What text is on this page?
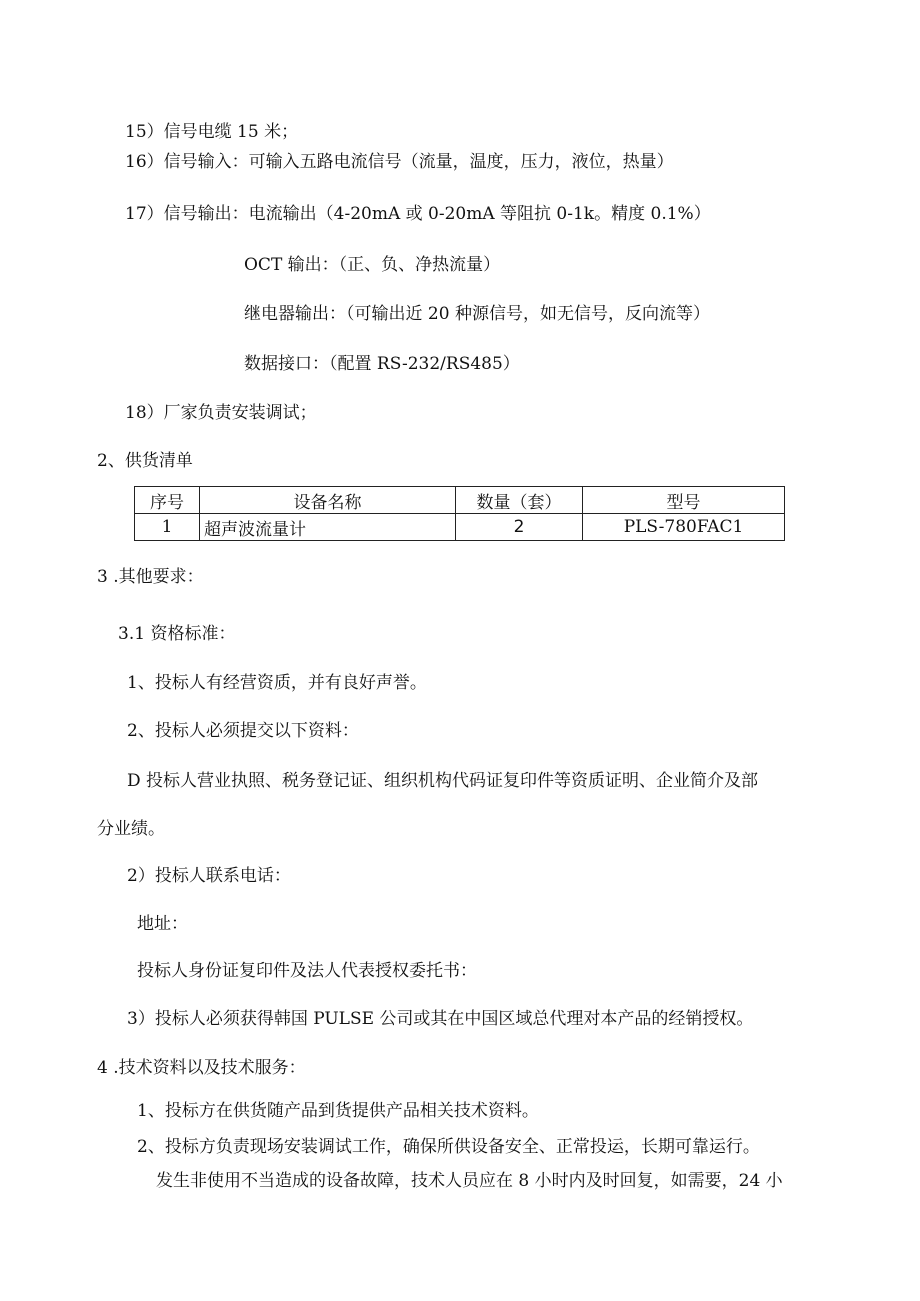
15）信号电缆 15 米；
16）信号输入：可输入五路电流信号（流量，温度，压力，液位，热量）
17）信号输出：电流输出（4-20mA 或 0-20mA 等阻抗 0-1k。精度 0.1%）
OCT 输出：（正、负、净热流量）
继电器输出：（可输出近 20 种源信号，如无信号，反向流等）
数据接口：（配置 RS-232/RS485）
18）厂家负责安装调试；
2、供货清单
序号	设备名称	数量（套）	型号
1	超声波流量计	2	PLS-780FAC1
3 .其他要求：
3.1 资格标准：
1、投标人有经营资质，并有良好声誉。
2、投标人必须提交以下资料：
D 投标人营业执照、税务登记证、组织机构代码证复印件等资质证明、企业简介及部
分业绩。
2）投标人联系电话：
地址：
投标人身份证复印件及法人代表授权委托书：
3）投标人必须获得韩国 PULSE 公司或其在中国区域总代理对本产品的经销授权。
4 .技术资料以及技术服务：
1、投标方在供货随产品到货提供产品相关技术资料。
2、投标方负责现场安装调试工作，确保所供设备安全、正常投运，长期可靠运行。
发生非使用不当造成的设备故障，技术人员应在 8 小时内及时回复，如需要，24 小
